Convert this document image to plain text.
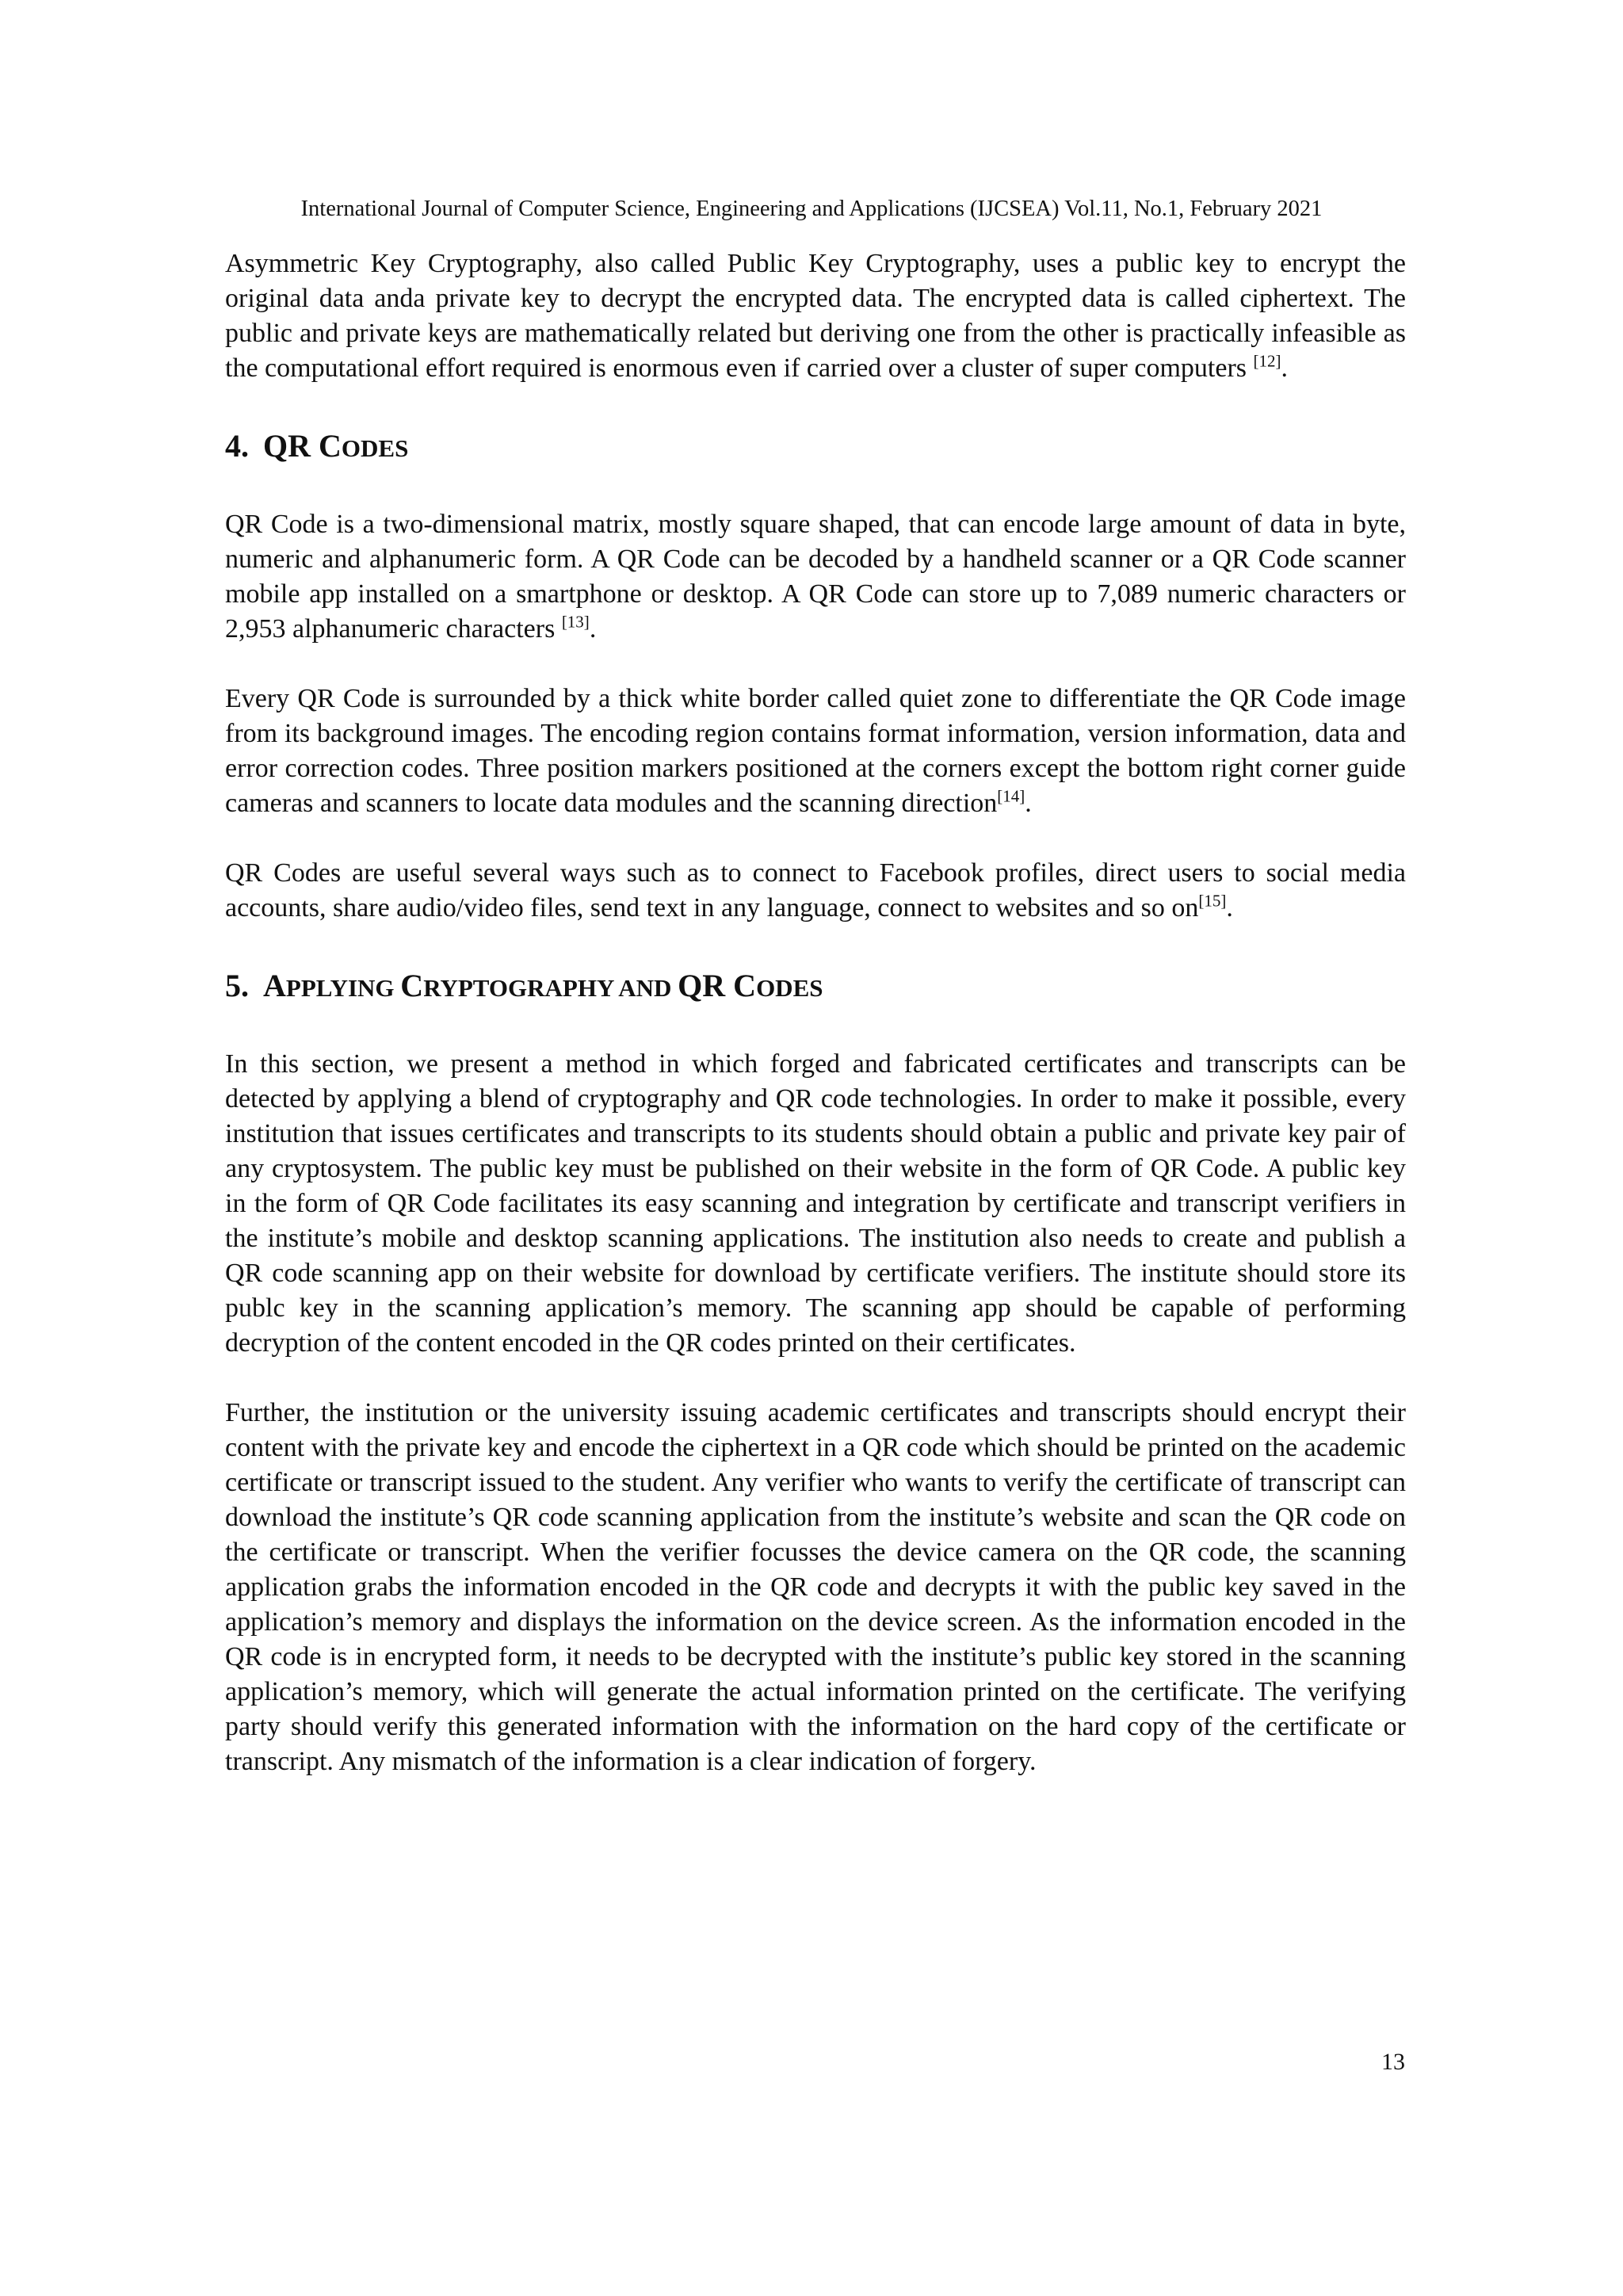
International Journal of Computer Science, Engineering and Applications (IJCSEA) Vol.11, No.1, February 2021

Asymmetric Key Cryptography, also called Public Key Cryptography, uses a public key to encrypt the original data anda private key to decrypt the encrypted data. The encrypted data is called ciphertext. The public and private keys are mathematically related but deriving one from the other is practically infeasible as the computational effort required is enormous even if carried over a cluster of super computers [12].

4. QR CODES

QR Code is a two-dimensional matrix, mostly square shaped, that can encode large amount of data in byte, numeric and alphanumeric form. A QR Code can be decoded by a handheld scanner or a QR Code scanner mobile app installed on a smartphone or desktop. A QR Code can store up to 7,089 numeric characters or 2,953 alphanumeric characters [13].

Every QR Code is surrounded by a thick white border called quiet zone to differentiate the QR Code image from its background images. The encoding region contains format information, version information, data and error correction codes. Three position markers positioned at the corners except the bottom right corner guide cameras and scanners to locate data modules and the scanning direction[14].

QR Codes are useful several ways such as to connect to Facebook profiles, direct users to social media accounts, share audio/video files, send text in any language, connect to websites and so on[15].

5. APPLYING CRYPTOGRAPHY AND QR CODES

In this section, we present a method in which forged and fabricated certificates and transcripts can be detected by applying a blend of cryptography and QR code technologies. In order to make it possible, every institution that issues certificates and transcripts to its students should obtain a public and private key pair of any cryptosystem. The public key must be published on their website in the form of QR Code. A public key in the form of QR Code facilitates its easy scanning and integration by certificate and transcript verifiers in the institute’s mobile and desktop scanning applications. The institution also needs to create and publish a QR code scanning app on their website for download by certificate verifiers. The institute should store its publc key in the scanning application’s memory. The scanning app should be capable of performing decryption of the content encoded in the QR codes printed on their certificates.

Further, the institution or the university issuing academic certificates and transcripts should encrypt their content with the private key and encode the ciphertext in a QR code which should be printed on the academic certificate or transcript issued to the student. Any verifier who wants to verify the certificate of transcript can download the institute’s QR code scanning application from the institute’s website and scan the QR code on the certificate or transcript. When the verifier focusses the device camera on the QR code, the scanning application grabs the information encoded in the QR code and decrypts it with the public key saved in the application’s memory and displays the information on the device screen. As the information encoded in the QR code is in encrypted form, it needs to be decrypted with the institute’s public key stored in the scanning application’s memory, which will generate the actual information printed on the certificate. The verifying party should verify this generated information with the information on the hard copy of the certificate or transcript. Any mismatch of the information is a clear indication of forgery.

13
